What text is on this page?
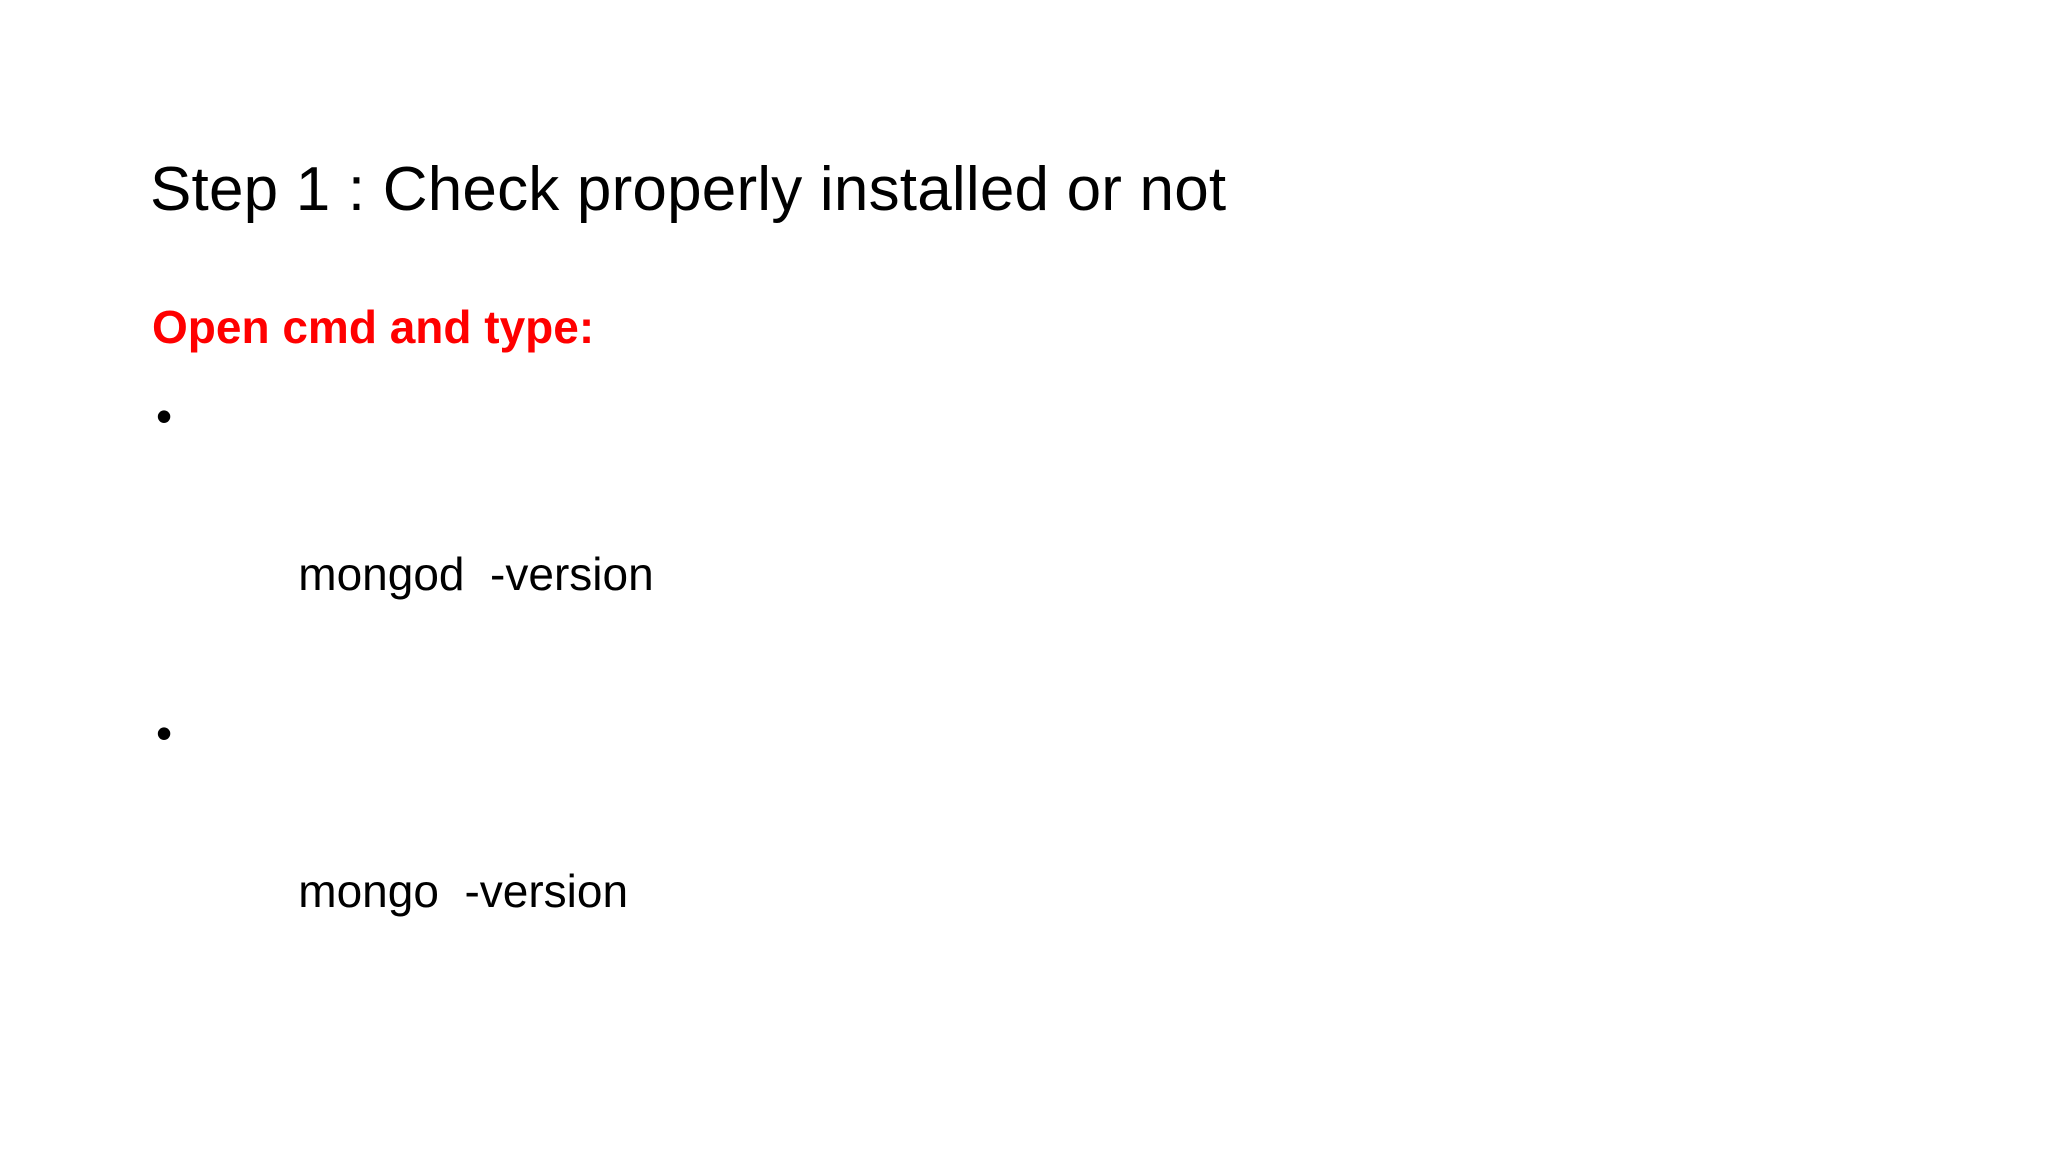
Step 1 : Check properly installed or not

Open cmd and type:

•

mongod  -version

•

mongo  -version
